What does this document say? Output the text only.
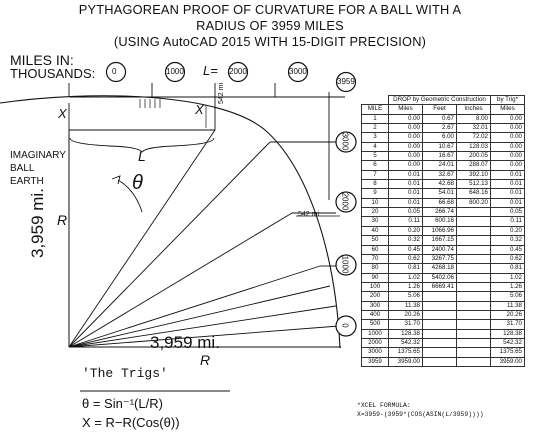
PYTHAGOREAN PROOF OF CURVATURE FOR A BALL WITH A
RADIUS OF 3959 MILES
(USING AutoCAD 2015 WITH 15-DIGIT PRECISION)
MILES IN:
THOUSANDS: 0	1000 L= 2000	3000
3959
3000
2000
1000
0
X	X
L
IMAGINARY
BALL
EARTH	θ
R
3,959 mi.
3,959 mi.
R
542 mi
542 mi
'The Trigs'
θ = Sin⁻¹(L/R)
X = R−R(Cos(θ))
	DROP by Geometric Construction			by Trig*
MILE	Miles	Feet	Inches	Miles
1	0.00	0.67	8.00	0.00
2	0.00	2.67	32.01	0.00
3	0.00	6.00	72.02	0.00
4	0.00	10.67	128.03	0.00
5	0.00	16.67	200.05	0.00
6	0.00	24.01	288.07	0.00
7	0.01	32.67	392.10	0.01
8	0.01	42.68	512.13	0.01
9	0.01	54.01	648.16	0.01
10	0.01	66.68	800.20	0.01
20	0.05	266.74		0.05
30	0.11	600.16		0.11
40	0.20	1066.96		0.20
50	0.32	1667.15		0.32
60	0.45	2400.74		0.45
70	0.62	3267.75		0.62
80	0.81	4268.18		0.81
90	1.02	5402.06		1.02
100	1.26	6669.41		1.26
200	5.06			5.06
300	11.38			11.38
400	20.26			20.26
500	31.70			31.70
1000	128.38			128.38
2000	542.32			542.32
3000	1375.65			1375.65
3959	3959.00			3959.00
*XCEL FORMULA:
X=3959-(3959*(COS(ASIN(L/3959))))
